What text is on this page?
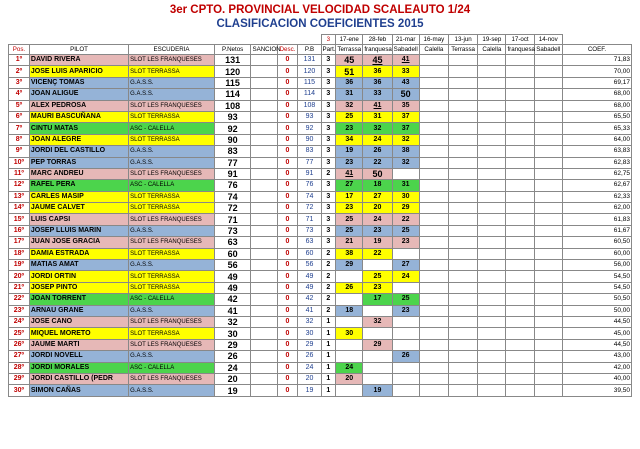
3er CPTO. PROVINCIAL VELOCIDAD SCALEAUTO 1/24
CLASIFICACION COEFICIENTES 2015
							3	17-ene	28-feb	21-mar	16-may	13-jun	19-sep	17-oct	14-nov	
Pos.	PILOT	ESCUDERIA	P.Netos	SANCION	Desc.	P.B	Part.	Terrassa	franquesa	Sabadell	Calella	Terrassa	Calella	franquesa	Sabadell	COEF.
1º	DAVID RIVERA	SLOT LES FRANQUESES	131		0	131	3	45	45	41						71,83
2º	JOSE LUIS APARICIO	SLOT TERRASSA	120		0	120	3	51	36	33						70,00
3º	VICENÇ TOMAS	G.A.S.S.	115		0	115	3	36	36	43						69,17
4º	JOAN ALIGUE	G.A.S.S.	114		0	114	3	31	33	50						68,00
5º	ALEX PEDROSA	SLOT LES FRANQUESES	108		0	108	3	32	41	35						68,00
6º	MAURI BASCUÑANA	SLOT TERRASSA	93		0	93	3	25	31	37						65,50
7º	CINTU MATAS	ASC - CALELLA	92		0	92	3	23	32	37						65,33
8º	JOAN ALEGRE	SLOT TERRASSA	90		0	90	3	34	24	32						64,00
9º	JORDI DEL CASTILLO	G.A.S.S.	83		0	83	3	19	26	38						63,83
10º	PEP TORRAS	G.A.S.S.	77		0	77	3	23	22	32						62,83
11º	MARC ANDREU	SLOT LES FRANQUESES	91		0	91	2	41	50							62,75
12º	RAFEL PERA	ASC - CALELLA	76		0	76	3	27	18	31						62,67
13º	CARLES MASIP	SLOT TERRASSA	74		0	74	3	17	27	30						62,33
14º	JAUME CALVET	SLOT TERRASSA	72		0	72	3	23	20	29						62,00
15º	LUIS CAPSI	SLOT LES FRANQUESES	71		0	71	3	25	24	22						61,83
16º	JOSEP LLUIS MARIN	G.A.S.S.	73		0	73	3	25	23	25						61,67
17º	JUAN JOSE GRACIA	SLOT LES FRANQUESES	63		0	63	3	21	19	23						60,50
18º	DAMIA ESTRADA	SLOT TERRASSA	60		0	60	2	38	22							60,00
19º	MATIAS AMAT	G.A.S.S.	56		0	56	2	29		27						56,00
20º	JORDI ORTIN	SLOT TERRASSA	49		0	49	2		25	24						54,50
21º	JOSEP PINTO	SLOT TERRASSA	49		0	49	2	26	23							54,50
22º	JOAN TORRENT	ASC - CALELLA	42		0	42	2		17	25						50,50
23º	ARNAU GRANE	G.A.S.S.	41		0	41	2	18		23						50,00
24º	JOSE CANO	SLOT LES FRANQUESES	32		0	32	1		32							44,50
25º	MIQUEL MORETO	SLOT TERRASSA	30		0	30	1	30								45,00
26º	JAUME MARTI	SLOT LES FRANQUESES	29		0	29	1		29							44,50
27º	JORDI NOVELL	G.A.S.S.	26		0	26	1			26						43,00
28º	JORDI MORALES	ASC - CALELLA	24		0	24	1	24								42,00
29º	JORDI CASTILLO (PEDR	SLOT LES FRANQUESES	20		0	20	1	20								40,00
30º	SIMON CAÑAS	G.A.S.S.	19		0	19	1		19							39,50
